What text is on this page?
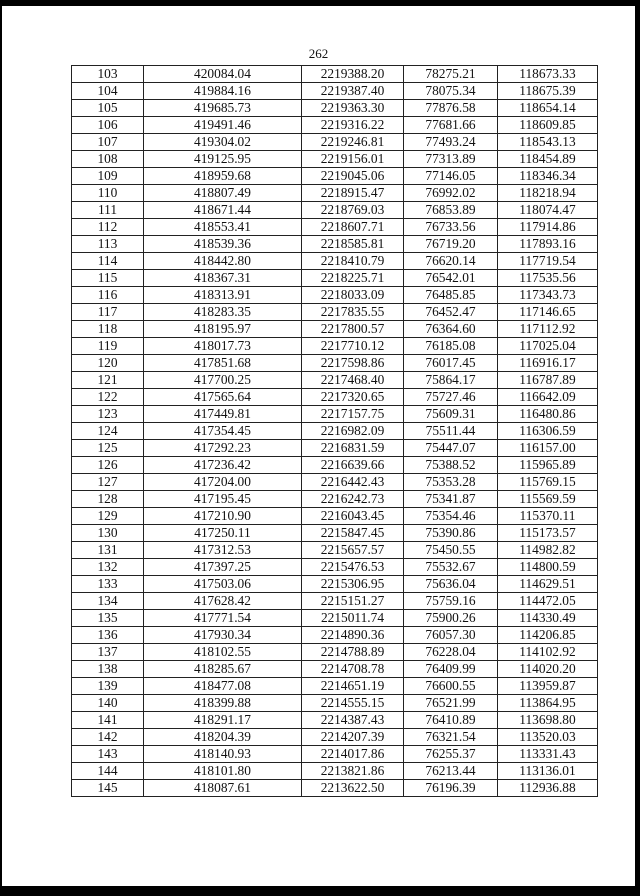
262
103	420084.04	2219388.20	78275.21	118673.33
104	419884.16	2219387.40	78075.34	118675.39
105	419685.73	2219363.30	77876.58	118654.14
106	419491.46	2219316.22	77681.66	118609.85
107	419304.02	2219246.81	77493.24	118543.13
108	419125.95	2219156.01	77313.89	118454.89
109	418959.68	2219045.06	77146.05	118346.34
110	418807.49	2218915.47	76992.02	118218.94
111	418671.44	2218769.03	76853.89	118074.47
112	418553.41	2218607.71	76733.56	117914.86
113	418539.36	2218585.81	76719.20	117893.16
114	418442.80	2218410.79	76620.14	117719.54
115	418367.31	2218225.71	76542.01	117535.56
116	418313.91	2218033.09	76485.85	117343.73
117	418283.35	2217835.55	76452.47	117146.65
118	418195.97	2217800.57	76364.60	117112.92
119	418017.73	2217710.12	76185.08	117025.04
120	417851.68	2217598.86	76017.45	116916.17
121	417700.25	2217468.40	75864.17	116787.89
122	417565.64	2217320.65	75727.46	116642.09
123	417449.81	2217157.75	75609.31	116480.86
124	417354.45	2216982.09	75511.44	116306.59
125	417292.23	2216831.59	75447.07	116157.00
126	417236.42	2216639.66	75388.52	115965.89
127	417204.00	2216442.43	75353.28	115769.15
128	417195.45	2216242.73	75341.87	115569.59
129	417210.90	2216043.45	75354.46	115370.11
130	417250.11	2215847.45	75390.86	115173.57
131	417312.53	2215657.57	75450.55	114982.82
132	417397.25	2215476.53	75532.67	114800.59
133	417503.06	2215306.95	75636.04	114629.51
134	417628.42	2215151.27	75759.16	114472.05
135	417771.54	2215011.74	75900.26	114330.49
136	417930.34	2214890.36	76057.30	114206.85
137	418102.55	2214788.89	76228.04	114102.92
138	418285.67	2214708.78	76409.99	114020.20
139	418477.08	2214651.19	76600.55	113959.87
140	418399.88	2214555.15	76521.99	113864.95
141	418291.17	2214387.43	76410.89	113698.80
142	418204.39	2214207.39	76321.54	113520.03
143	418140.93	2214017.86	76255.37	113331.43
144	418101.80	2213821.86	76213.44	113136.01
145	418087.61	2213622.50	76196.39	112936.88
